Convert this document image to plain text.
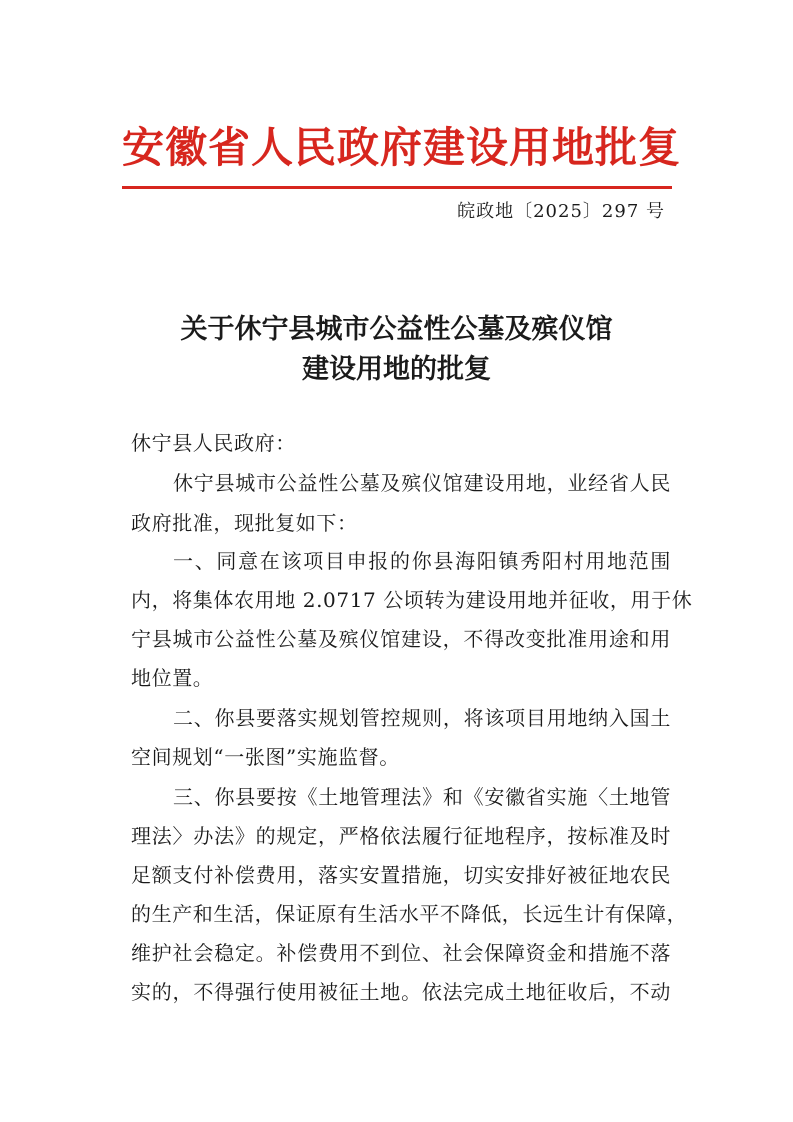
安徽省人民政府建设用地批复
皖政地〔2025〕297 号
关于休宁县城市公益性公墓及殡仪馆
建设用地的批复
休宁县人民政府：
休宁县城市公益性公墓及殡仪馆建设用地，业经省人民
政府批准，现批复如下：
一、同意在该项目申报的你县海阳镇秀阳村用地范围
内，将集体农用地 2.0717 公顷转为建设用地并征收，用于休
宁县城市公益性公墓及殡仪馆建设，不得改变批准用途和用
地位置。
二、你县要落实规划管控规则，将该项目用地纳入国土
空间规划“一张图”实施监督。
三、你县要按《土地管理法》和《安徽省实施〈土地管
理法〉办法》的规定，严格依法履行征地程序，按标准及时
足额支付补偿费用，落实安置措施，切实安排好被征地农民
的生产和生活，保证原有生活水平不降低，长远生计有保障，
维护社会稳定。补偿费用不到位、社会保障资金和措施不落
实的，不得强行使用被征土地。依法完成土地征收后，不动
